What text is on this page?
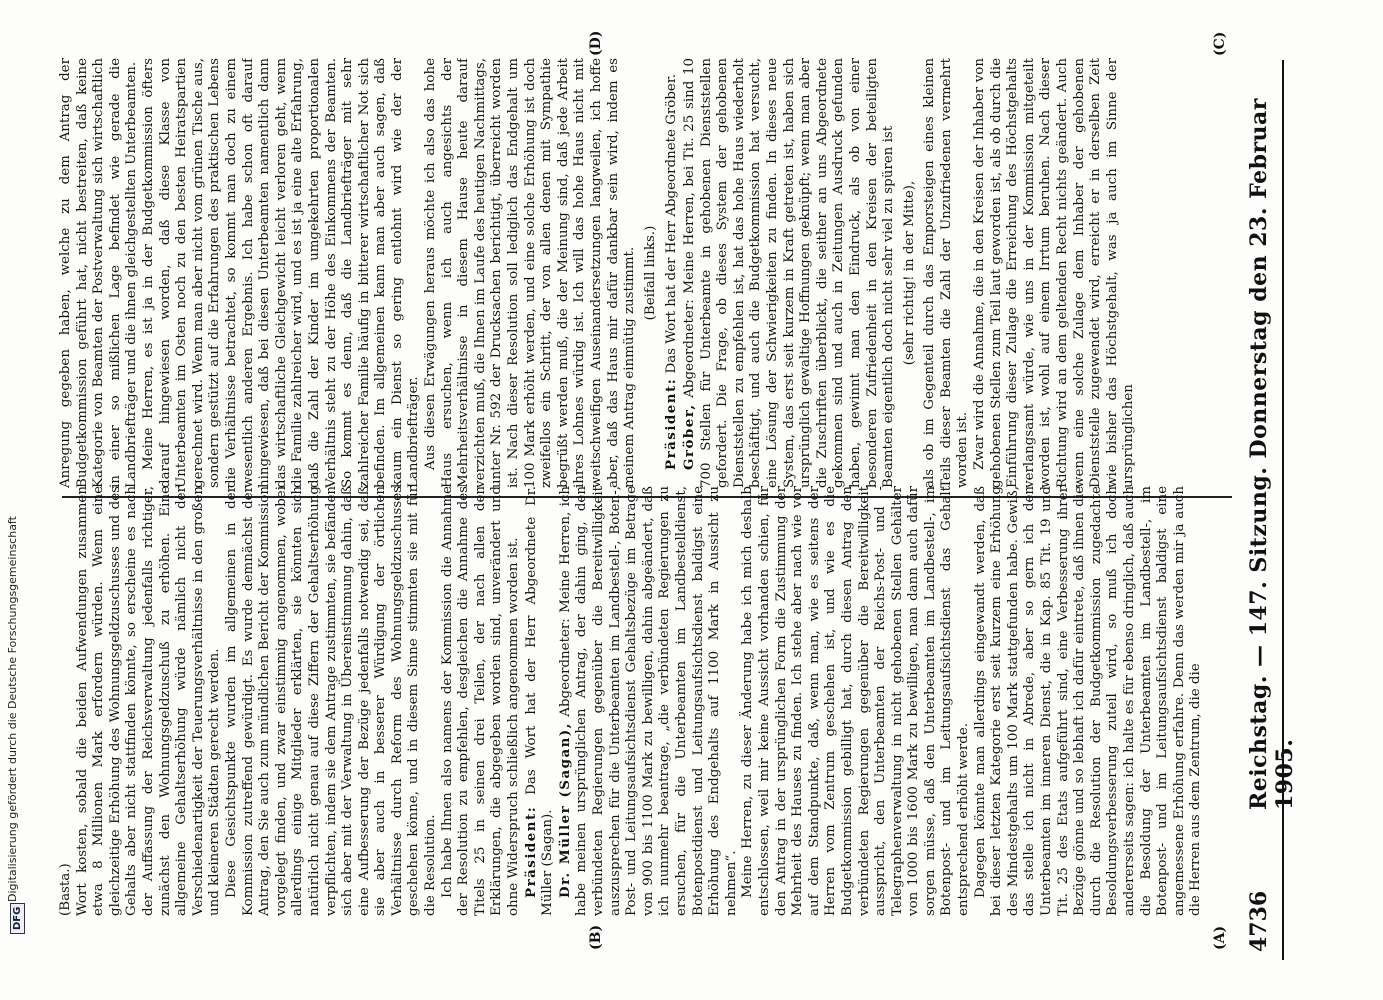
DFG
Digitalisierung gefördert durch die Deutsche Forschungsgemeinschaft
4736
Reichstag. — 147. Sitzung. Donnerstag den 23. Februar 1905.
(A)
(B)
(C)
(D)

(Basta.) Wort kosten, sobald die beiden Aufwendungen zusammen etwa 8 Millionen Mark erfordern würden. Wenn eine gleichzeitige Erhöhung des Wohnungsgeldzuschusses und des Gehalts aber nicht stattfinden könnte, so erscheine es nach der Auffassung der Reichsverwaltung jedenfalls richtiger, zunächst den Wohnungsgeldzuschuß zu erhöhen. Eine allgemeine Gehaltserhöhung würde nämlich nicht der Verschiedenartigkeit der Teuerungsverhältnisse in den großen und kleineren Städten gerecht werden. Diese Gesichtspunkte wurden im allgemeinen in der Kommission zutreffend gewürdigt. Es wurde demnächst der Antrag, den Sie auch zum mündlichen Bericht der Kommission vorgelegt finden, und zwar einstimmig angenommen, wobei allerdings einige Mitglieder erklärten, sie könnten sich natürlich nicht genau auf diese Ziffern der Gehaltserhöhung verpflichten, indem sie dem Antrage zustimmten, sie befänden sich aber mit der Verwaltung in Übereinstimmung dahin, daß eine Aufbesserung der Bezüge jedenfalls notwendig sei, daß sie aber auch in besserer Würdigung der örtlichen Verhältnisse durch Reform des Wohnungsgeldzuschusses geschehen könne, und in diesem Sinne stimmten sie mit für die Resolution. Ich habe Ihnen also namens der Kommission die Annahme der Resolution zu empfehlen, desgleichen die Annahme des Titels 25 in seinen drei Teilen, der nach allen den Erklärungen, die abgegeben worden sind, unverändert und ohne Widerspruch schließlich angenommen worden ist. Präsident: Das Wort hat der Herr Abgeordnete Dr. Müller (Sagan). Dr. Müller (Sagan), Abgeordneter: Meine Herren, ich habe meinen ursprünglichen Antrag, der dahin ging, den verbündeten Regierungen gegenüber die Bereitwilligkeit auszusprechen für die Unterbeamten im Landbestell-, Boten-, Post- und Leitungsaufsichtsdienst Gehaltsbezüge im Betrage von 900 bis 1100 Mark zu bewilligen, dahin abgeändert, daß ich nunmehr beantrage, „die verbündeten Regierungen zu ersuchen, für die Unterbeamten im Landbestelldienst, Botenpostdienst und Leitungsaufsichtsdienst baldigst eine Erhöhung des Endgehalts auf 1100 Mark in Aussicht zu nehmen“. Meine Herren, zu dieser Änderung habe ich mich deshalb entschlossen, weil mir keine Aussicht vorhanden schien, für den Antrag in der ursprünglichen Form die Zustimmung der Mehrheit des Hauses zu finden. Ich stehe aber nach wie vor auf dem Standpunkte, daß, wenn man, wie es seitens der Herren vom Zentrum geschehen ist, und wie es die Budgetkommission gebilligt hat, durch diesen Antrag den verbündeten Regierungen gegenüber die Bereitwilligkeit ausspricht, den Unterbeamten der Reichs-Post- und -Telegraphenverwaltung in nicht gehobenen Stellen Gehälter von 1000 bis 1600 Mark zu bewilligen, man dann auch dafür sorgen müsse, daß den Unterbeamten im Landbestell-, im Botenpost- und im Leitungsaufsichtsdienst das Gehalt entsprechend erhöht werde. Dagegen könnte man allerdings eingewandt werden, daß bei dieser letzten Kategorie erst seit kurzem eine Erhöhung des Mindestgehalts um 100 Mark stattgefunden habe. Gewiß, das stelle ich nicht in Abrede, aber so gern ich den Unterbeamten im inneren Dienst, die in Kap. 85 Tit. 19 und Tit. 25 des Etats aufgeführt sind, eine Verbesserung ihrer Bezüge gönne und so lebhaft ich dafür eintrete, daß ihnen die durch die Resolution der Budgetkommission zugedachte Besoldungsverbesserung zuteil wird, so muß ich doch andererseits sagen: ich halte es für ebenso dringlich, daß auch die Besoldung der Unterbeamten im Landbestell-, im Botenpost- und im Leitungsaufsichtsdienst baldigst eine angemessene Erhöhung erfahre. Denn das werden mir ja auch die Herren aus dem Zentrum, die die

Anregung gegeben haben, welche zu dem Antrag der Budgetkommission geführt hat, nicht bestreiten, daß keine Kategorie von Beamten der Postverwaltung sich wirtschaftlich in einer so mißlichen Lage befindet wie gerade die Landbriefträger und die ihnen gleichgestellten Unterbeamten. Meine Herren, es ist ja in der Budgetkommission öfters darauf hingewiesen worden, daß diese Klasse von Unterbeamten im Osten noch zu den besten Heiratspartien gerechnet wird. Wenn man aber nicht vom grünen Tische aus, sondern gestützt auf die Erfahrungen des praktischen Lebens die Verhältnisse betrachtet, so kommt man doch zu einem wesentlich anderen Ergebnis. Ich habe schon oft darauf hingewiesen, daß bei diesen Unterbeamten namentlich dann das wirtschaftliche Gleichgewicht leicht verloren geht, wenn die Familie zahlreicher wird, und es ist ja eine alte Erfahrung, daß die Zahl der Kinder im umgekehrten proportionalen Verhältnis steht zu der Höhe des Einkommens der Beamten. So kommt es denn, daß die Landbriefträger mit sehr zahlreicher Familie häufig in bitterer wirtschaftlicher Not sich befinden. Im allgemeinen kann man aber auch sagen, daß kaum ein Dienst so gering entlohnt wird wie der der Landbriefträger. Aus diesen Erwägungen heraus möchte ich also das hohe Haus ersuchen, wenn ich auch angesichts der Mehrheitsverhältnisse in diesem Hause heute darauf verzichten muß, die Ihnen im Laufe des heutigen Nachmittags, unter Nr. 592 der Drucksachen berichtigt, überreicht worden ist. Nach dieser Resolution soll lediglich das Endgehalt um 100 Mark erhöht werden, und eine solche Erhöhung ist doch zweifellos ein Schritt, der von allen denen mit Sympathie begrüßt werden muß, die der Meinung sind, daß jede Arbeit ihres Lohnes würdig ist. Ich will das hohe Haus nicht mit weitschweifigen Auseinandersetzungen langweilen, ich hoffe aber, daß das Haus mir dafür dankbar sein wird, indem es meinem Antrag einmütig zustimmt. (Beifall links.)

Präsident: Das Wort hat der Herr Abgeordnete Gröber.

Gröber, Abgeordneter: Meine Herren, bei Tit. 25 sind 10 700 Stellen für Unterbeamte in gehobenen Dienststellen gefordert. Die Frage, ob dieses System der gehobenen Dienststellen zu empfehlen ist, hat das hohe Haus wiederholt beschäftigt, und auch die Budgetkommission hat versucht, eine Lösung der Schwierigkeiten zu finden. In dieses neue System, das erst seit kurzem in Kraft getreten ist, haben sich ursprünglich gewaltige Hoffnungen geknüpft; wenn man aber die Zuschriften überblickt, die seither an uns Abgeordnete gekommen sind und auch in Zeitungen Ausdruck gefunden haben, gewinnt man den Eindruck, als ob von einer besonderen Zufriedenheit in den Kreisen der beteiligten Beamten eigentlich doch nicht sehr viel zu spüren ist (sehr richtig! in der Mitte), als ob im Gegenteil durch das Emporsteigen eines kleinen Teils dieser Beamten die Zahl der Unzufriedenen vermehrt worden ist. Zwar wird die Annahme, die in den Kreisen der Inhaber von gehobenen Stellen zum Teil laut geworden ist, als ob durch die Einführung dieser Zulage die Erreichung des Höchstgehalts verlangsamt würde, wie uns in der Kommission mitgeteilt worden ist, wohl auf einem Irrtum beruhen. Nach dieser Richtung wird an dem geltenden Recht nichts geändert. Auch wenn eine solche Zulage dem Inhaber der gehobenen Dienststelle zugewendet wird, erreicht er in derselben Zeit wie bisher das Höchstgehalt, was ja auch im Sinne der ursprünglichen
